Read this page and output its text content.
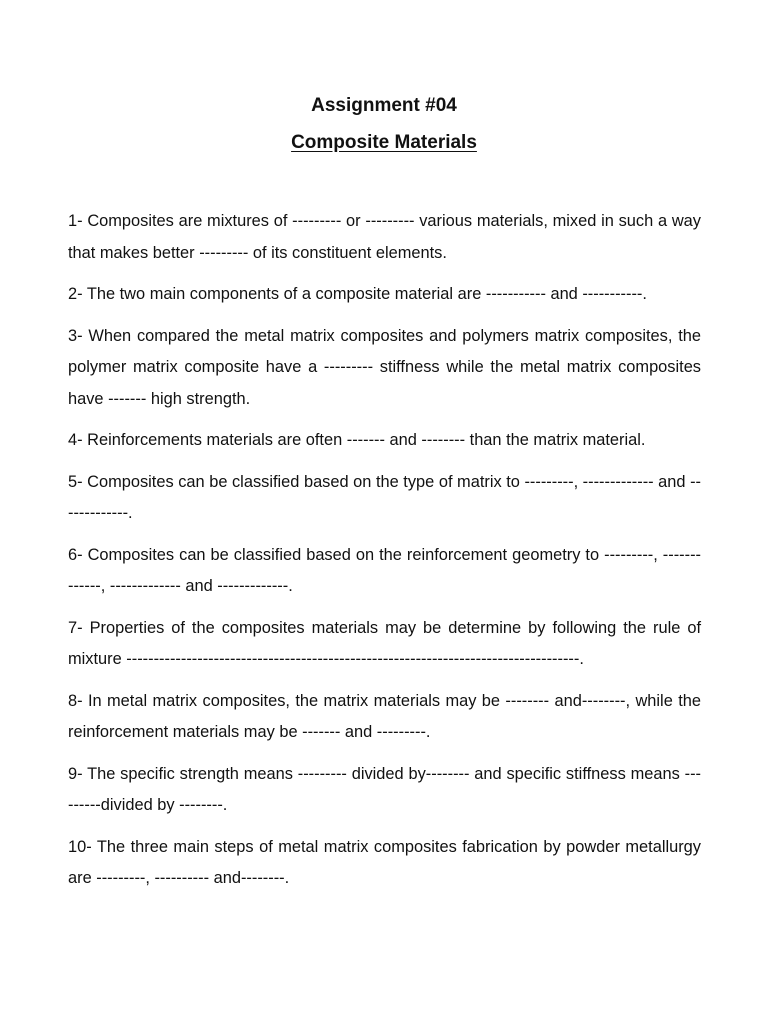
Assignment #04
Composite Materials

1- Composites are mixtures of --------- or --------- various materials, mixed in such a way that makes better --------- of its constituent elements.

2- The two main components of a composite material are ----------- and -----------.

3- When compared the metal matrix composites and polymers matrix composites, the polymer matrix composite have a --------- stiffness while the metal matrix composites have ------- high strength.

4- Reinforcements materials are often ------- and -------- than the matrix material.

5- Composites can be classified based on the type of matrix to ---------, ------------- and -------------.

6- Composites can be classified based on the reinforcement geometry to ---------, -------------, ------------- and -------------.

7- Properties of the composites materials may be determine by following the rule of mixture -----------------------------------------------------------------------------------.

8- In metal matrix composites, the matrix materials may be -------- and--------, while the reinforcement materials may be ------- and ---------.

9- The specific strength means --------- divided by-------- and specific stiffness means ---------divided by --------.

10- The three main steps of metal matrix composites fabrication by powder metallurgy are ---------, ---------- and--------.
